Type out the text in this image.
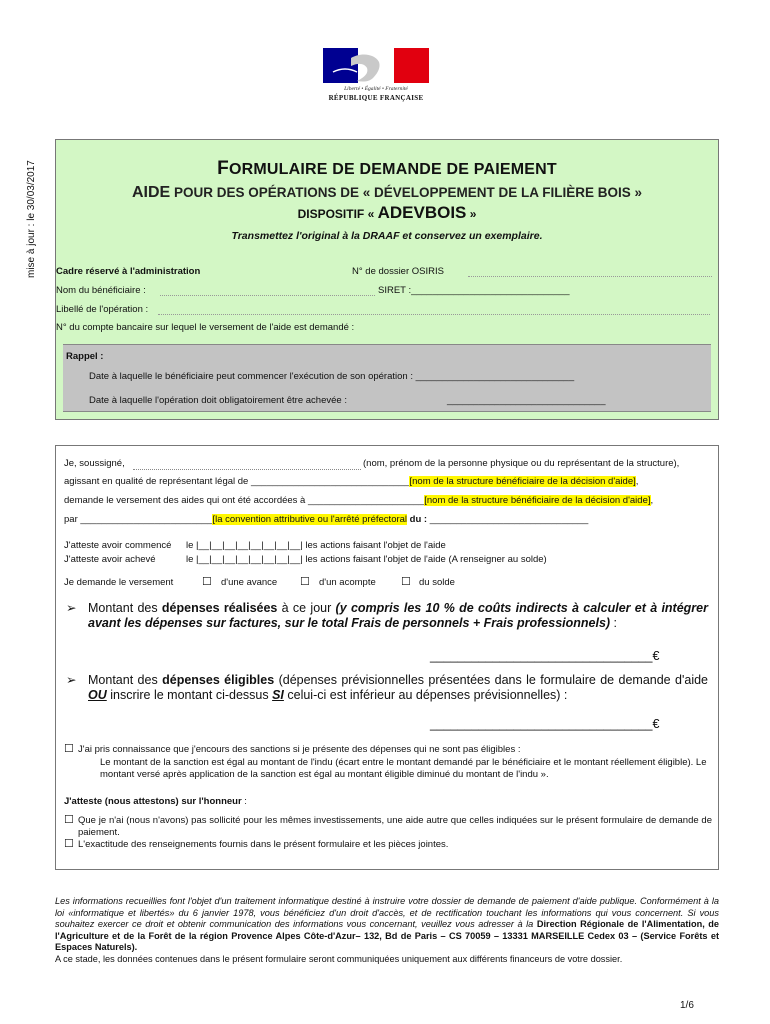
Liberté • Égalité • Fraternité
RÉPUBLIQUE FRANÇAISE
mise à jour : le 30/03/2017	FORMULAIRE DE DEMANDE DE PAIEMENT
AIDE POUR DES OPÉRATIONS DE « DÉVELOPPEMENT DE LA FILIÈRE BOIS »
DISPOSITIF « ADEVBOIS »
Transmettez l'original à la DRAAF et conservez un exemplaire.
Cadre réservé à l'administration	N° de dossier OSIRIS
Nom du bénéficiaire :	SIRET :______________________________
Libellé de l'opération :
N° du compte bancaire sur lequel le versement de l'aide est demandé :
Rappel :
Date à laquelle le bénéficiaire peut commencer l'exécution de son opération : ______________________________
Date à laquelle l'opération doit obligatoirement être achevée :	______________________________
Je, soussigné,	(nom, prénom de la personne physique ou du représentant de la structure),
agissant en qualité de représentant légal de ______________________________[nom de la structure bénéficiaire de la décision d'aide],
demande le versement des aides qui ont été accordées à ______________________[nom de la structure bénéficiaire de la décision d'aide],
par _________________________[la convention attributive ou l'arrêté préfectoral du : ______________________________
J'atteste avoir commencé le |__|__|__|__|__|__|__|__| les actions faisant l'objet de l'aide
J'atteste avoir achevé	le |__|__|__|__|__|__|__|__| les actions faisant l'objet de l'aide (A renseigner au solde)
Je demande le versement	☐ d'une avance ☐ d'un acompte ☐ du solde
➢ Montant des dépenses réalisées à ce jour (y compris les 10 % de coûts indirects à calculer et à intégrer avant les dépenses sur factures, sur le total Frais de personnels + Frais professionnels) :
________________________________€
➢ Montant des dépenses éligibles (dépenses prévisionnelles présentées dans le formulaire de demande d'aide OU inscrire le montant ci-dessus SI celui-ci est inférieur au dépenses prévisionnelles) :
________________________________€
☐ J'ai pris connaissance que j'encours des sanctions si je présente des dépenses qui ne sont pas éligibles :
Le montant de la sanction est égal au montant de l'indu (écart entre le montant demandé par le bénéficiaire et le montant réellement éligible). Le montant versé après application de la sanction est égal au montant éligible diminué du montant de l'indu ».
J'atteste (nous attestons) sur l'honneur :
☐ Que je n'ai (nous n'avons) pas sollicité pour les mêmes investissements, une aide autre que celles indiquées sur le présent formulaire de demande de paiement.
☐ L'exactitude des renseignements fournis dans le présent formulaire et les pièces jointes.
Les informations recueillies font l'objet d'un traitement informatique destiné à instruire votre dossier de demande de paiement d'aide publique. Conformément à la loi «informatique et libertés» du 6 janvier 1978, vous bénéficiez d'un droit d'accès, et de rectification touchant les informations qui vous concernent. Si vous souhaitez exercer ce droit et obtenir communication des informations vous concernant, veuillez vous adresser à la Direction Régionale de l'Alimentation, de l'Agriculture et de la Forêt de la région Provence Alpes Côte-d'Azur– 132, Bd de Paris – CS 70059 – 13331 MARSEILLE Cedex 03 – (Service Forêts et Espaces Naturels).
A ce stade, les données contenues dans le présent formulaire seront communiquées uniquement aux différents financeurs de votre dossier.
1/6
